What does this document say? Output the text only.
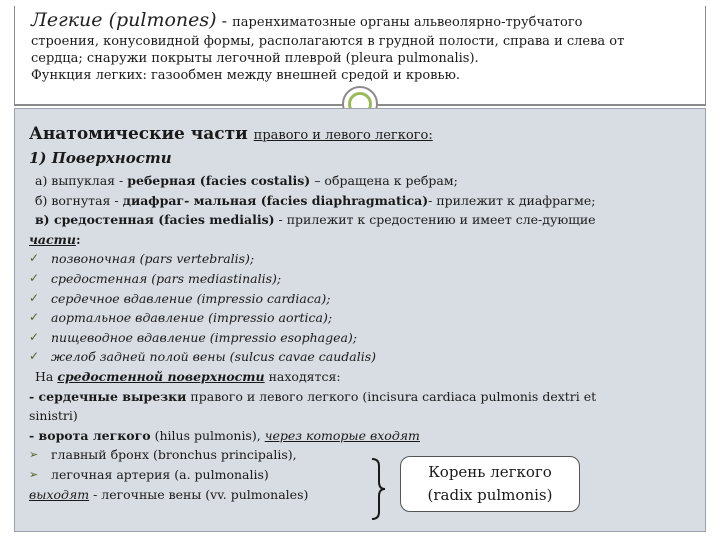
Легкие (pulmones) - паренхиматозные органы альвеолярно-трубчатого
строения, конусовидной формы, располагаются в грудной полости, справа и слева от
сердца; снаружи покрыты легочной плеврой (pleura pulmonalis).
Функция легких: газообмен между внешней средой и кровью.
Анатомические части правого и левого легкого:
1) Поверхности
а) выпуклая - реберная (facies costalis) – обращена к ребрам;
б) вогнутая - диафраг- мальная (facies diaphragmatica)- прилежит к диафрагме;
в) средостенная (facies medialis) - прилежит к средостению и имеет сле-дующие
части:
✓ позвоночная (pars vertebralis);
✓ средостенная (pars mediastinalis);
✓ сердечное вдавление (impressio cardiaca);
✓ аортальное вдавление (impressio aortica);
✓ пищеводное вдавление (impressio esophagea);
✓ желоб задней полой вены (sulcus cavae caudalis)
На средостенной поверхности находятся:
- сердечные вырезки правого и левого легкого (incisura cardiaca pulmonis dextri et
sinistri)
- ворота легкого (hilus pulmonis), через которые входят
➢	главный бронх (bronchus principalis),
➢	легочная артерия (a. pulmonalis)
выходят - легочные вены (vv. pulmonales)
Корень легкого
(radix pulmonis)
